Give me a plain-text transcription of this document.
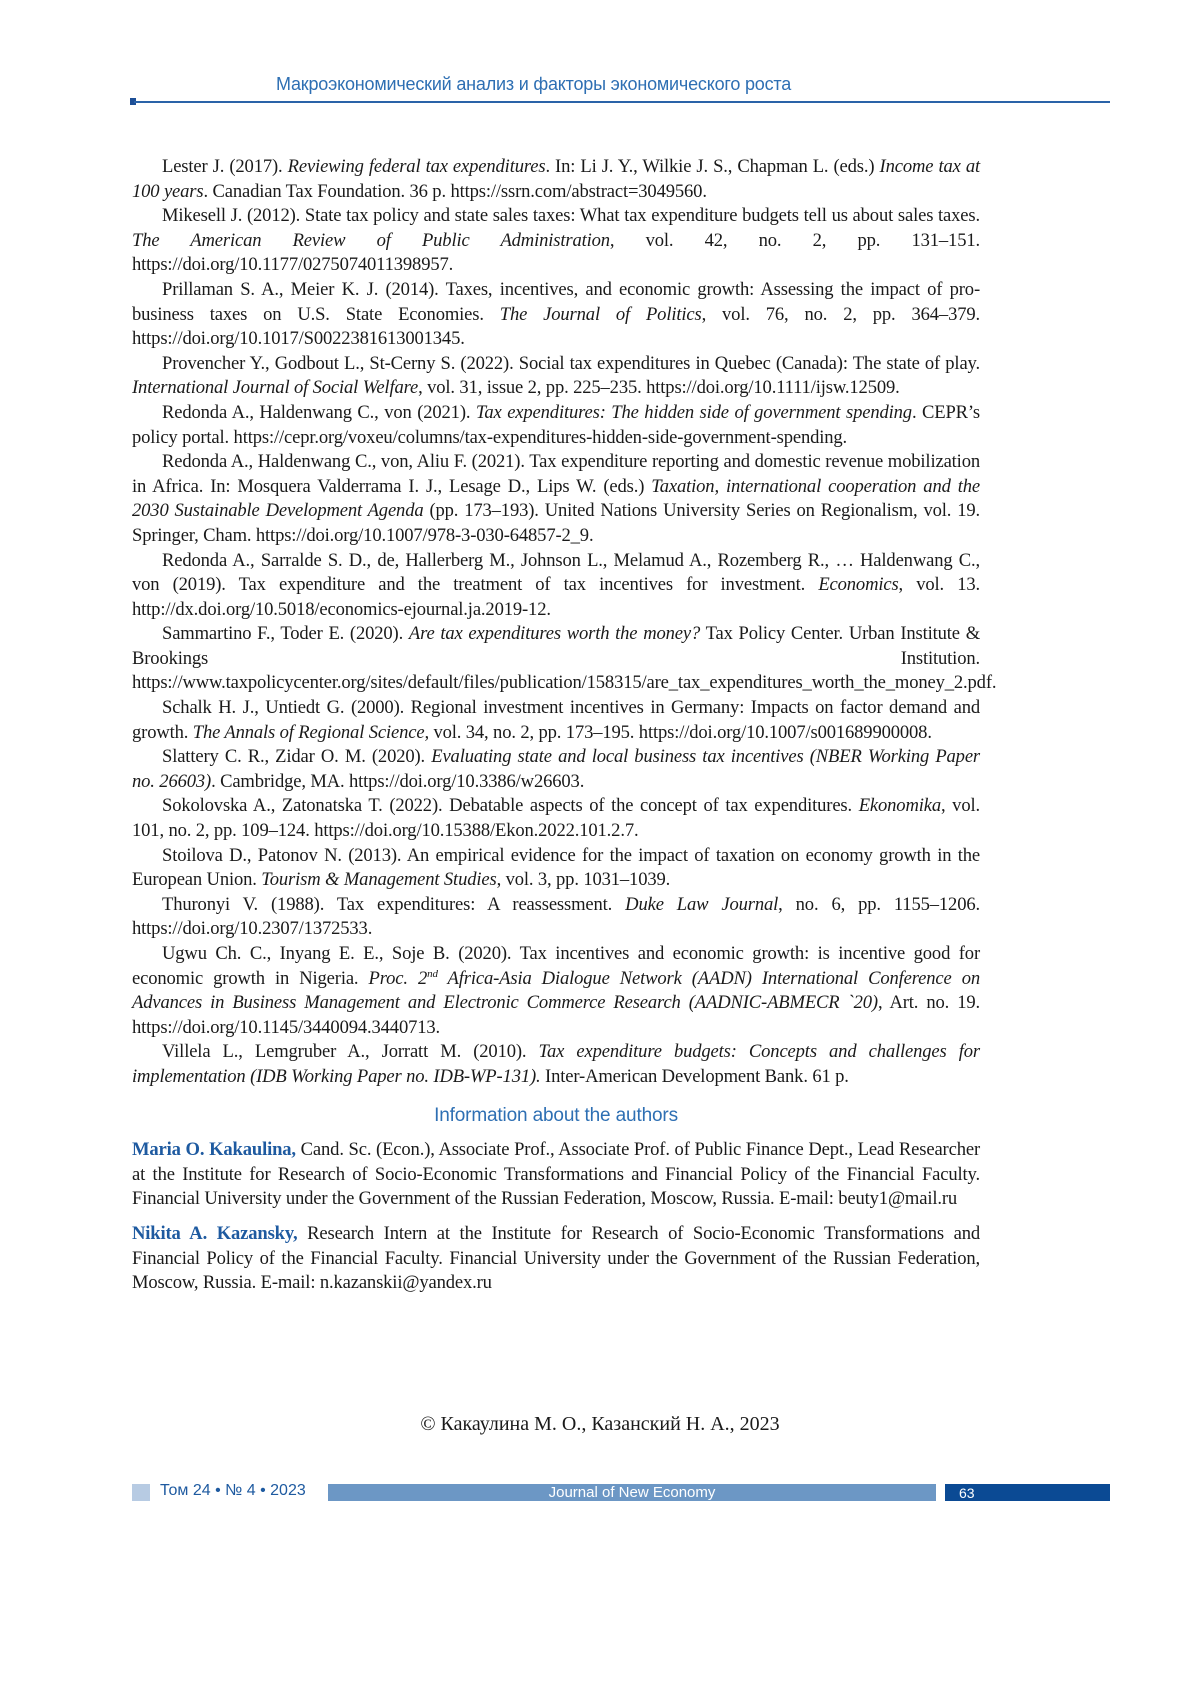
Макроэкономический анализ и факторы экономического роста

Lester J. (2017). Reviewing federal tax expenditures. In: Li J. Y., Wilkie J. S., Chapman L. (eds.) Income tax at 100 years. Canadian Tax Foundation. 36 p. https://ssrn.com/abstract=3049560.

Mikesell J. (2012). State tax policy and state sales taxes: What tax expenditure budgets tell us about sales taxes. The American Review of Public Administration, vol. 42, no. 2, pp. 131–151. https://doi.org/10.1177/0275074011398957.

Prillaman S. A., Meier K. J. (2014). Taxes, incentives, and economic growth: Assessing the impact of pro-business taxes on U.S. State Economies. The Journal of Politics, vol. 76, no. 2, pp. 364–379. https://doi.org/10.1017/S0022381613001345.

Provencher Y., Godbout L., St-Cerny S. (2022). Social tax expenditures in Quebec (Canada): The state of play. International Journal of Social Welfare, vol. 31, issue 2, pp. 225–235. https://doi.org/10.1111/ijsw.12509.

Redonda A., Haldenwang C., von (2021). Tax expenditures: The hidden side of government spending. CEPR’s policy portal. https://cepr.org/voxeu/columns/tax-expenditures-hidden-side-government-spending.

Redonda A., Haldenwang C., von, Aliu F. (2021). Tax expenditure reporting and domestic revenue mobilization in Africa. In: Mosquera Valderrama I. J., Lesage D., Lips W. (eds.) Taxation, international cooperation and the 2030 Sustainable Development Agenda (pp. 173–193). United Nations University Series on Regionalism, vol. 19. Springer, Cham. https://doi.org/10.1007/978-3-030-64857-2_9.

Redonda A., Sarralde S. D., de, Hallerberg M., Johnson L., Melamud A., Rozemberg R., … Haldenwang C., von (2019). Tax expenditure and the treatment of tax incentives for investment. Economics, vol. 13. http://dx.doi.org/10.5018/economics-ejournal.ja.2019-12.

Sammartino F., Toder E. (2020). Are tax expenditures worth the money? Tax Policy Center. Urban Institute & Brookings Institution. https://www.taxpolicycenter.org/sites/default/files/publication/158315/are_tax_expenditures_worth_the_money_2.pdf.

Schalk H. J., Untiedt G. (2000). Regional investment incentives in Germany: Impacts on factor demand and growth. The Annals of Regional Science, vol. 34, no. 2, pp. 173–195. https://doi.org/10.1007/s001689900008.

Slattery C. R., Zidar O. M. (2020). Evaluating state and local business tax incentives (NBER Working Paper no. 26603). Cambridge, MA. https://doi.org/10.3386/w26603.

Sokolovska A., Zatonatska T. (2022). Debatable aspects of the concept of tax expenditures. Ekonomika, vol. 101, no. 2, pp. 109–124. https://doi.org/10.15388/Ekon.2022.101.2.7.

Stoilova D., Patonov N. (2013). An empirical evidence for the impact of taxation on economy growth in the European Union. Tourism & Management Studies, vol. 3, pp. 1031–1039.

Thuronyi V. (1988). Tax expenditures: A reassessment. Duke Law Journal, no. 6, pp. 1155–1206. https://doi.org/10.2307/1372533.

Ugwu Ch. C., Inyang E. E., Soje B. (2020). Tax incentives and economic growth: is incentive good for economic growth in Nigeria. Proc. 2nd Africa-Asia Dialogue Network (AADN) International Conference on Advances in Business Management and Electronic Commerce Research (AADNIC-ABMECR `20), Art. no. 19. https://doi.org/10.1145/3440094.3440713.

Villela L., Lemgruber A., Jorratt M. (2010). Tax expenditure budgets: Concepts and challenges for implementation (IDB Working Paper no. IDB-WP-131). Inter-American Development Bank. 61 p.

Information about the authors

Maria O. Kakaulina, Cand. Sc. (Econ.), Associate Prof., Associate Prof. of Public Finance Dept., Lead Researcher at the Institute for Research of Socio-Economic Transformations and Financial Policy of the Financial Faculty. Financial University under the Government of the Russian Federation, Moscow, Russia. E-mail: beuty1@mail.ru

Nikita A. Kazansky, Research Intern at the Institute for Research of Socio-Economic Transformations and Financial Policy of the Financial Faculty. Financial University under the Government of the Russian Federation, Moscow, Russia. E-mail: n.kazanskii@yandex.ru

© Какаулина М. О., Казанский Н. А., 2023
Том 24 • № 4 • 2023	Journal of New Economy	63
